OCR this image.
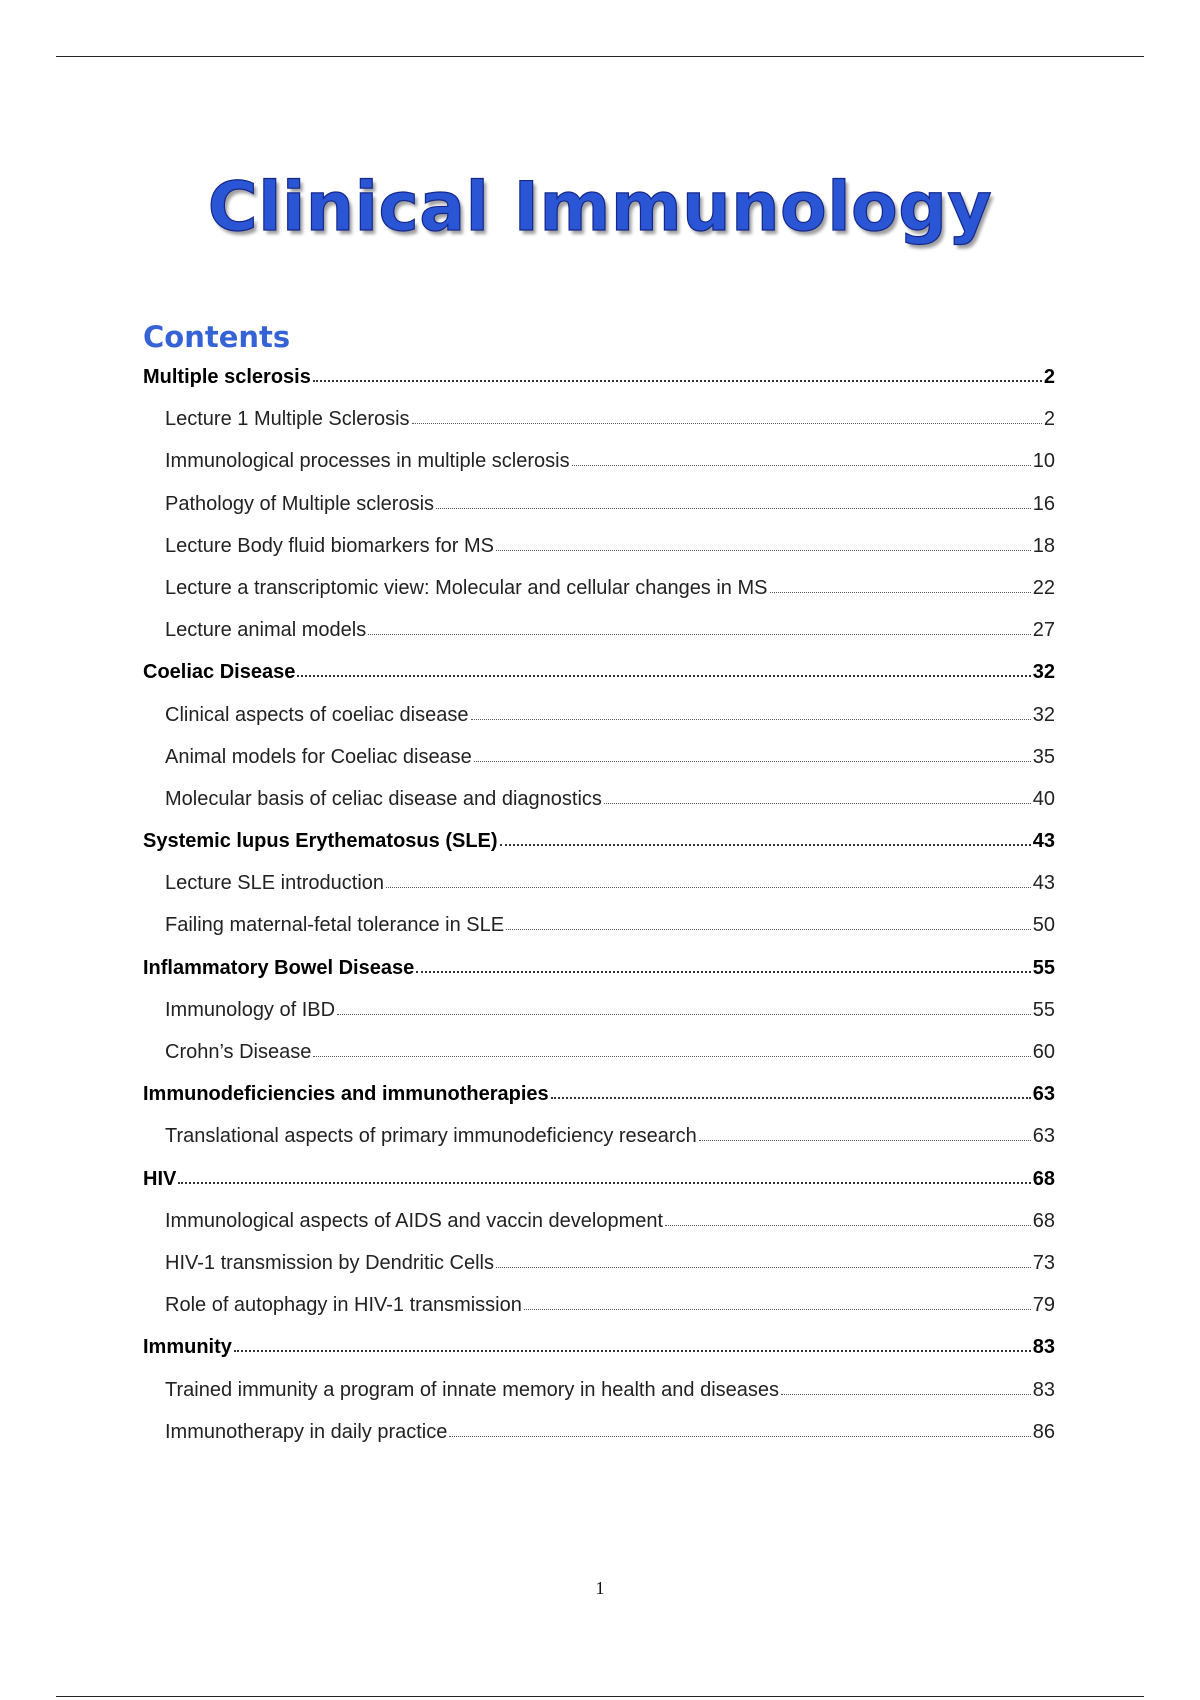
Clinical Immunology
Contents
Multiple sclerosis	2
Lecture 1 Multiple Sclerosis	2
Immunological processes in multiple sclerosis	10
Pathology of Multiple sclerosis	16
Lecture Body fluid biomarkers for MS	18
Lecture a transcriptomic view: Molecular and cellular changes in MS	22
Lecture animal models	27
Coeliac Disease	32
Clinical aspects of coeliac disease	32
Animal models for Coeliac disease	35
Molecular basis of celiac disease and diagnostics	40
Systemic lupus Erythematosus (SLE)	43
Lecture SLE introduction	43
Failing maternal-fetal tolerance in SLE	50
Inflammatory Bowel Disease	55
Immunology of IBD	55
Crohn’s Disease	60
Immunodeficiencies and immunotherapies	63
Translational aspects of primary immunodeficiency research	63
HIV	68
Immunological aspects of AIDS and vaccin development	68
HIV-1 transmission by Dendritic Cells	73
Role of autophagy in HIV-1 transmission	79
Immunity	83
Trained immunity a program of innate memory in health and diseases	83
Immunotherapy in daily practice	86
1
